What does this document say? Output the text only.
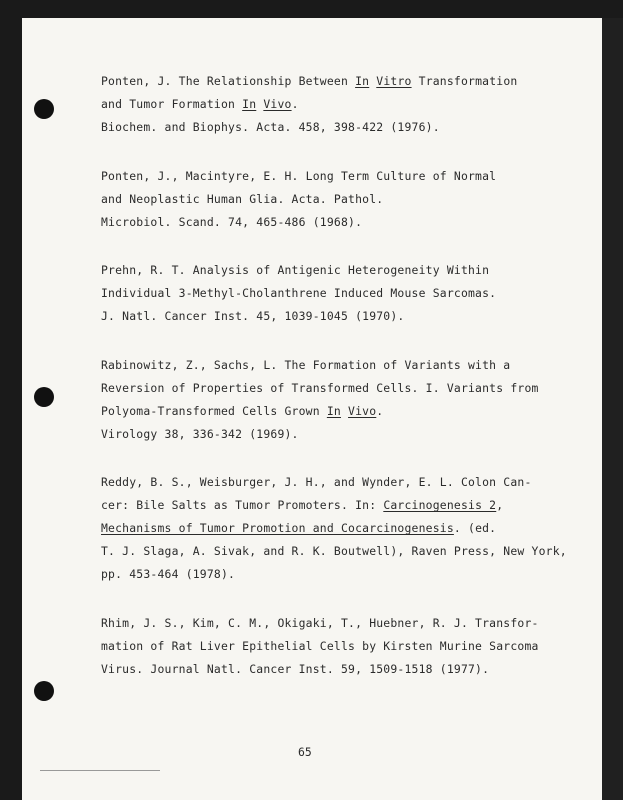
Ponten, J. The Relationship Between In Vitro Transformation
and Tumor Formation In Vivo.
Biochem. and Biophys. Acta. 458, 398-422 (1976).
Ponten, J., Macintyre, E. H. Long Term Culture of Normal
and Neoplastic Human Glia. Acta. Pathol.
Microbiol. Scand. 74, 465-486 (1968).
Prehn, R. T. Analysis of Antigenic Heterogeneity Within
Individual 3-Methyl-Cholanthrene Induced Mouse Sarcomas.
J. Natl. Cancer Inst. 45, 1039-1045 (1970).
Rabinowitz, Z., Sachs, L. The Formation of Variants with a
Reversion of Properties of Transformed Cells. I. Variants from
Polyoma-Transformed Cells Grown In Vivo.
Virology 38, 336-342 (1969).
Reddy, B. S., Weisburger, J. H., and Wynder, E. L. Colon Can-
cer: Bile Salts as Tumor Promoters. In: Carcinogenesis 2,
Mechanisms of Tumor Promotion and Cocarcinogenesis. (ed.
T. J. Slaga, A. Sivak, and R. K. Boutwell), Raven Press, New York,
pp. 453-464 (1978).
Rhim, J. S., Kim, C. M., Okigaki, T., Huebner, R. J. Transfor-
mation of Rat Liver Epithelial Cells by Kirsten Murine Sarcoma
Virus. Journal Natl. Cancer Inst. 59, 1509-1518 (1977).
65
